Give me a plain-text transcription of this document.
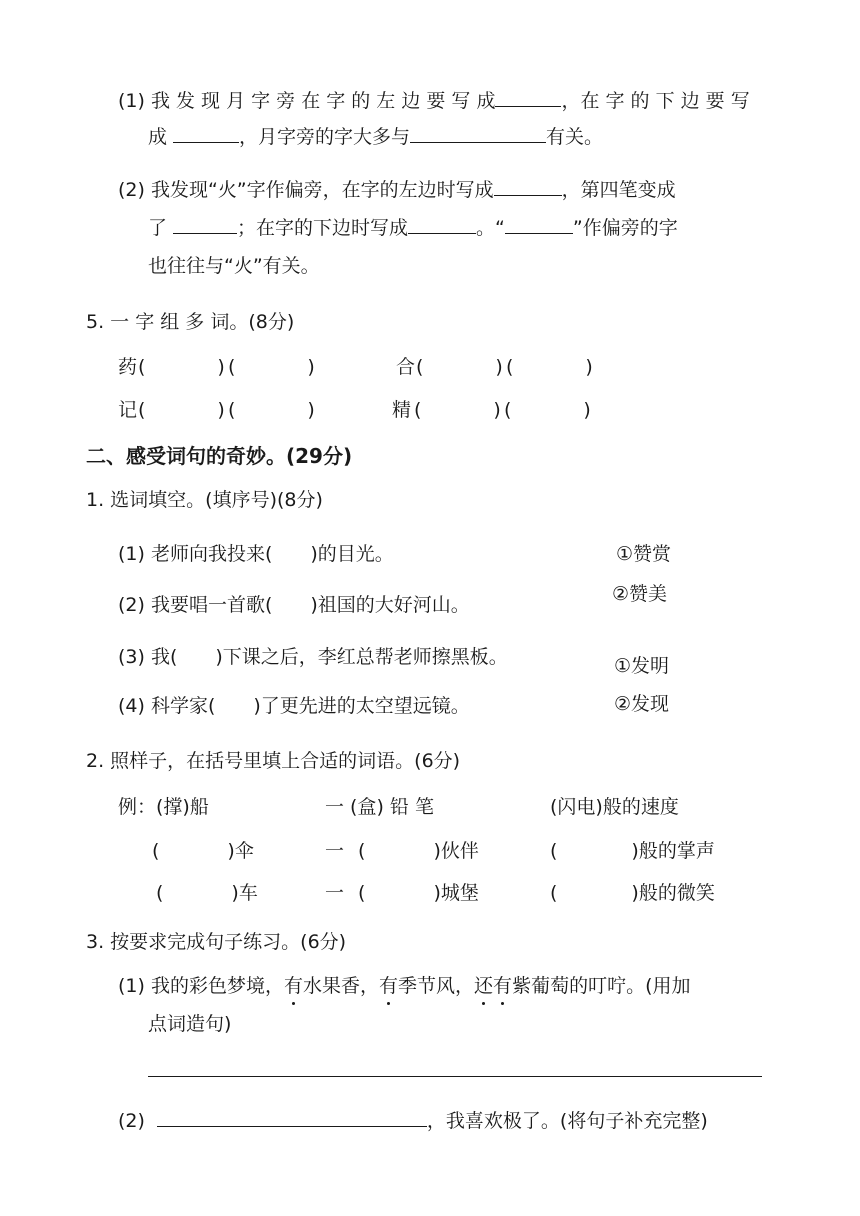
(1) 我 发 现 月 字 旁 在 字 的 左 边 要 写 成	，在 字 的 下 边 要 写
成	，月字旁的字大多与	有关。
(2) 我发现“火”字作偏旁，在字的左边时写成	，第四笔变成
了	；在字的下边时写成	。“	”作偏旁的字
也往往与“火”有关。
5. 一 字 组 多 词。(8分)
药 (	) (	)	合 (	) (	)
记 (	) (	)	精 (	) (	)
二、感受词句的奇妙。(29分)
1. 选词填空。(填序号)(8分)
(1) 老师向我投来( )的目光。
(2) 我要唱一首歌( )祖国的大好河山。
(3) 我( )下课之后，李红总帮老师擦黑板。
(4) 科学家( )了更先进的太空望远镜。
①赞赏
②赞美
①发明
②发现
2. 照样子，在括号里填上合适的词语。(6分)
例：(撑)船	一 (盒) 铅 笔	(闪电)般的速度
(	)伞	一 (	)伙伴	(	)般的掌声
(	)车	一 (	)城堡	(	)般的微笑
3. 按要求完成句子练习。(6分)
(1) 我的彩色梦境，有水果香，有季节风，还有紫葡萄的叮咛。(用加
点词造句)
(2)	，我喜欢极了。(将句子补充完整)
